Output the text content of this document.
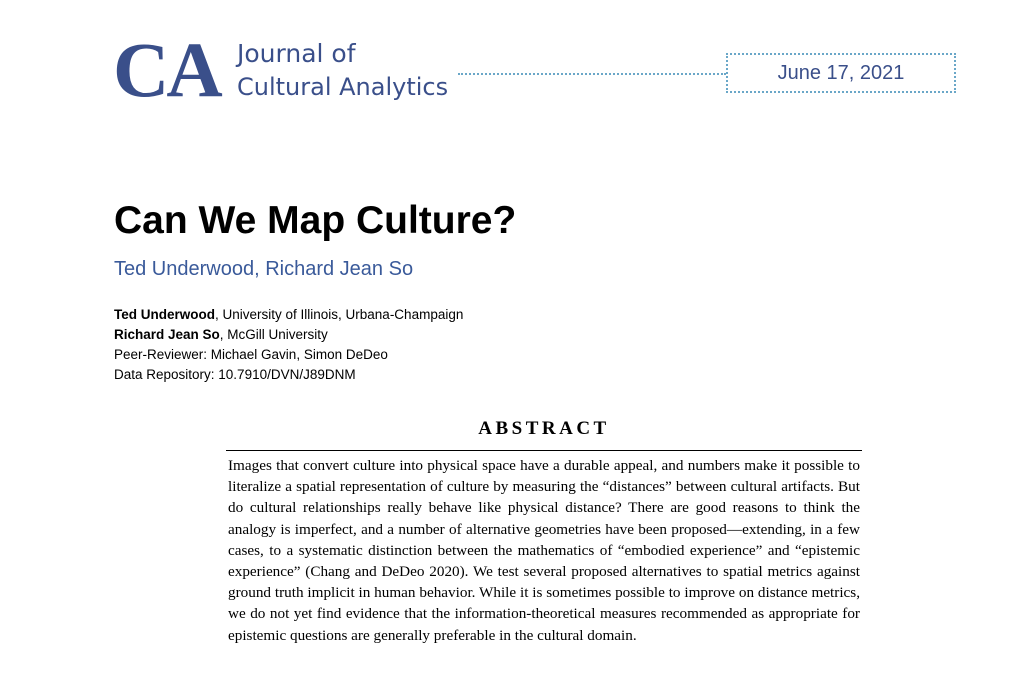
CA Journal of
Cultural Analytics
June 17, 2021
Can We Map Culture?
Ted Underwood, Richard Jean So
Ted Underwood, University of Illinois, Urbana-Champaign
Richard Jean So, McGill University
Peer-Reviewer: Michael Gavin, Simon DeDeo
Data Repository: 10.7910/DVN/J89DNM
ABSTRACT

Images that convert culture into physical space have a durable appeal, and numbers make it possible to literalize a spatial representation of culture by measuring the “distances” between cultural artifacts. But do cultural relationships really behave like physical distance? There are good reasons to think the analogy is imperfect, and a number of alternative geometries have been proposed—extending, in a few cases, to a systematic distinction between the mathematics of “embodied experience” and “epistemic experience” (Chang and DeDeo 2020). We test several proposed alternatives to spatial metrics against ground truth implicit in human behavior. While it is sometimes possible to improve on distance metrics, we do not yet find evidence that the information-theoretical measures recommended as appropriate for epistemic questions are generally preferable in the cultural domain.
